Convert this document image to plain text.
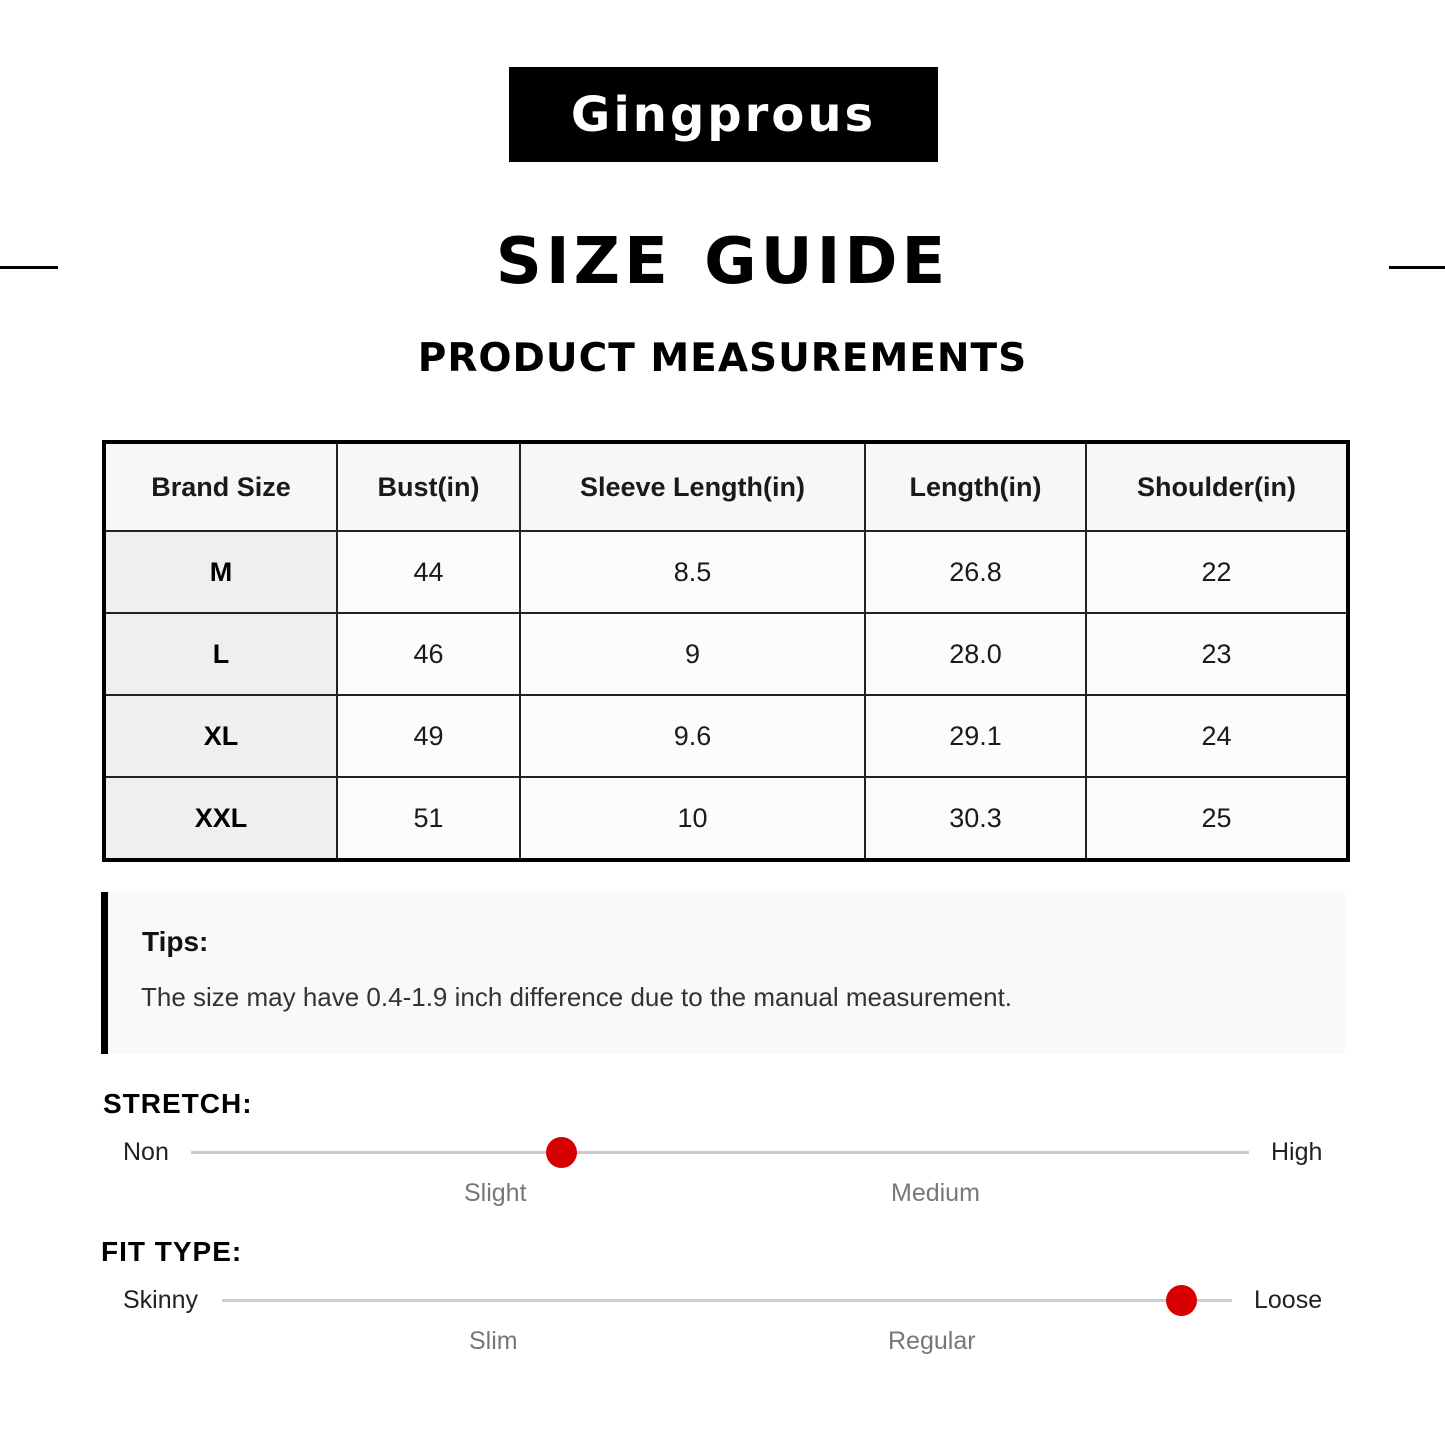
Gingprous
SIZE GUIDE
PRODUCT MEASUREMENTS
Brand Size	Bust(in)	Sleeve Length(in)	Length(in)	Shoulder(in)
M	44	8.5	26.8	22
L	46	9	28.0	23
XL	49	9.6	29.1	24
XXL	51	10	30.3	25
Tips:
The size may have 0.4-1.9 inch difference due to the manual measurement.
STRETCH:
Non	High
Slight	Medium
FIT TYPE:
Skinny	Loose
Slim	Regular
